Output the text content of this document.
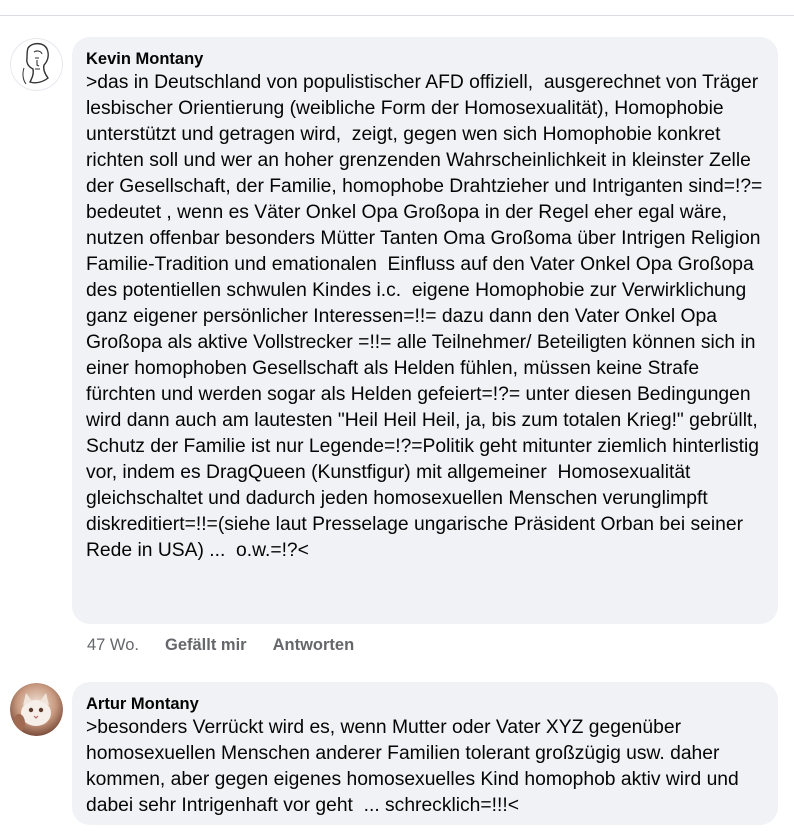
Kevin Montany
>das in Deutschland von populistischer AFD offiziell,  ausgerechnet von Träger lesbischer Orientierung (weibliche Form der Homosexualität), Homophobie unterstützt und getragen wird,  zeigt, gegen wen sich Homophobie konkret richten soll und wer an hoher grenzenden Wahrscheinlichkeit in kleinster Zelle der Gesellschaft, der Familie, homophobe Drahtzieher und Intriganten sind=!?= bedeutet , wenn es Väter Onkel Opa Großopa in der Regel eher egal wäre, nutzen offenbar besonders Mütter Tanten Oma Großoma über Intrigen Religion Familie-Tradition und emationalen  Einfluss auf den Vater Onkel Opa Großopa des potentiellen schwulen Kindes i.c.  eigene Homophobie zur Verwirklichung ganz eigener persönlicher Interessen=!!= dazu dann den Vater Onkel Opa Großopa als aktive Vollstrecker =!!= alle Teilnehmer/ Beteiligten können sich in einer homophoben Gesellschaft als Helden fühlen, müssen keine Strafe fürchten und werden sogar als Helden gefeiert=!?= unter diesen Bedingungen wird dann auch am lautesten "Heil Heil Heil, ja, bis zum totalen Krieg!" gebrüllt, Schutz der Familie ist nur Legende=!?=Politik geht mitunter ziemlich hinterlistig vor, indem es DragQueen (Kunstfigur) mit allgemeiner  Homosexualität  gleichschaltet und dadurch jeden homosexuellen Menschen verunglimpft diskreditiert=!!=(siehe laut Presselage ungarische Präsident Orban bei seiner Rede in USA) ...  o.w.=!?<
47 Wo. Gefällt mir Antworten
Artur Montany
>besonders Verrückt wird es, wenn Mutter oder Vater XYZ gegenüber homosexuellen Menschen anderer Familien tolerant großzügig usw. daher kommen, aber gegen eigenes homosexuelles Kind homophob aktiv wird und dabei sehr Intrigenhaft vor geht  ... schrecklich=!!!<
